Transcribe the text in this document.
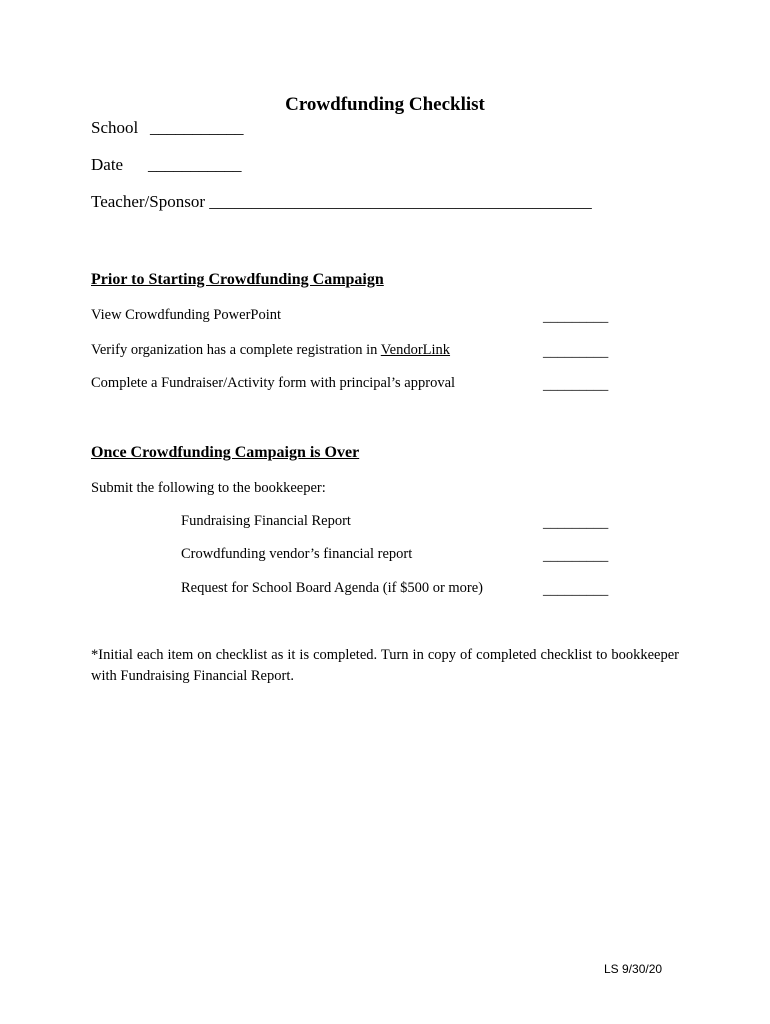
Crowdfunding Checklist
School ___________
Date ___________
Teacher/Sponsor _____________________________________________
Prior to Starting Crowdfunding Campaign
View Crowdfunding PowerPoint	_________
Verify organization has a complete registration in VendorLink	_________
Complete a Fundraiser/Activity form with principal’s approval	_________
Once Crowdfunding Campaign is Over
Submit the following to the bookkeeper:
Fundraising Financial Report	_________
Crowdfunding vendor’s financial report	_________
Request for School Board Agenda (if $500 or more)	_________
*Initial each item on checklist as it is completed. Turn in copy of completed checklist to bookkeeper with Fundraising Financial Report.
LS 9/30/20
